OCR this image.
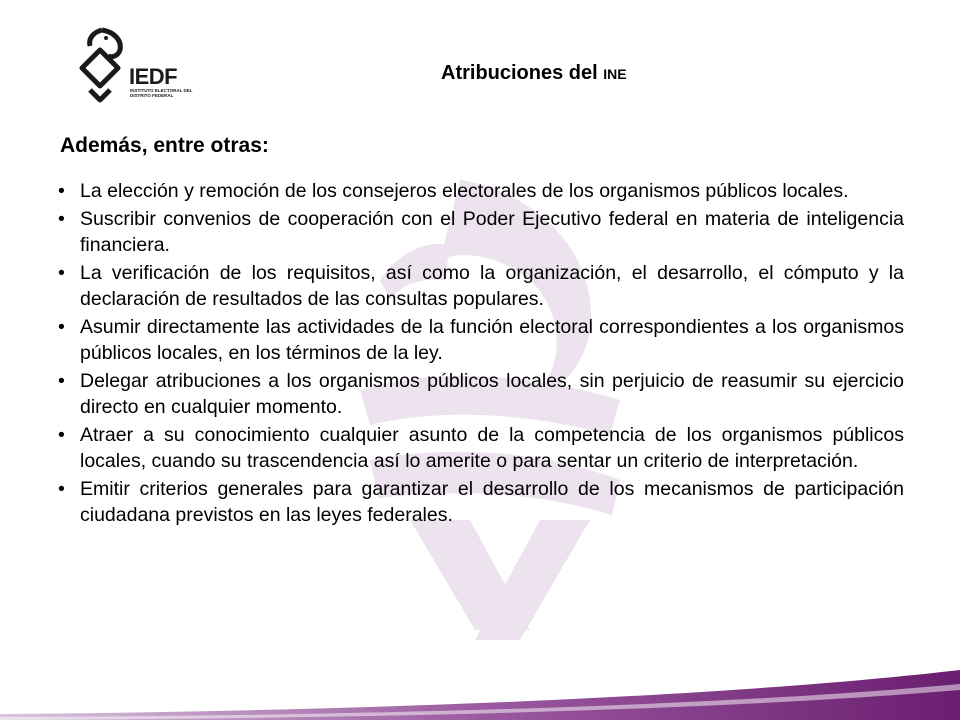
IEDF
INSTITUTO ELECTORAL DEL DISTRITO FEDERAL
Atribuciones del INE
Además, entre otras:
• La elección y remoción de los consejeros electorales de los organismos públicos locales.
• Suscribir convenios de cooperación con el Poder Ejecutivo federal en materia de inteligencia financiera.
• La verificación de los requisitos, así como la organización, el desarrollo, el cómputo y la declaración de resultados de las consultas populares.
• Asumir directamente las actividades de la función electoral correspondientes a los organismos públicos locales, en los términos de la ley.
• Delegar atribuciones a los organismos públicos locales, sin perjuicio de reasumir su ejercicio directo en cualquier momento.
• Atraer a su conocimiento cualquier asunto de la competencia de los organismos públicos locales, cuando su trascendencia así lo amerite o para sentar un criterio de interpretación.
• Emitir criterios generales para garantizar el desarrollo de los mecanismos de participación ciudadana previstos en las leyes federales.
